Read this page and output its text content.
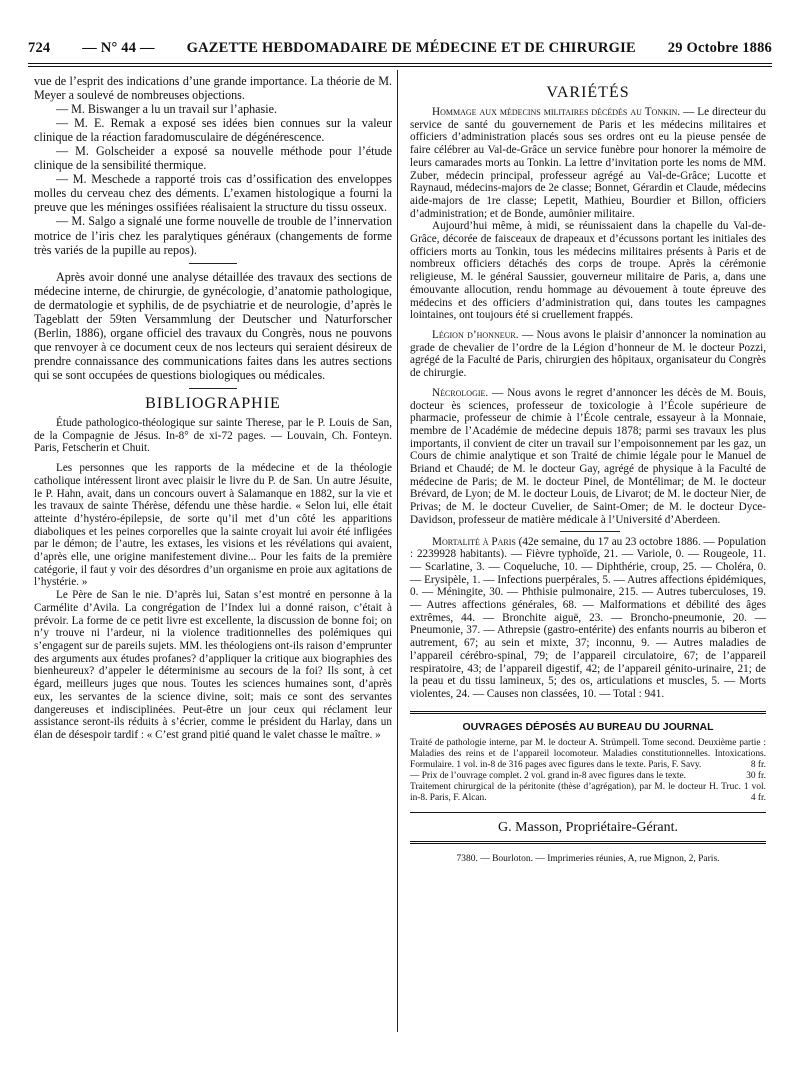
724 — N° 44 — GAZETTE HEBDOMADAIRE DE MÉDECINE ET DE CHIRURGIE 29 Octobre 1886

vue de l’esprit des indications d’une grande importance. La théorie de M. Meyer a soulevé de nombreuses objections.

— M. Biswanger a lu un travail sur l’aphasie.

— M. E. Remak a exposé ses idées bien connues sur la valeur clinique de la réaction faradomusculaire de dégénérescence.

— M. Golscheider a exposé sa nouvelle méthode pour l’étude clinique de la sensibilité thermique.

— M. Meschede a rapporté trois cas d’ossification des enveloppes molles du cerveau chez des déments. L’examen histologique a fourni la preuve que les méninges ossifiées réalisaient la structure du tissu osseux.

— M. Salgo a signalé une forme nouvelle de trouble de l’innervation motrice de l’iris chez les paralytiques généraux (changements de forme très variés de la pupille au repos).

Après avoir donné une analyse détaillée des travaux des sections de médecine interne, de chirurgie, de gynécologie, d’anatomie pathologique, de dermatologie et syphilis, de de psychiatrie et de neurologie, d’après le Tageblatt der 59ten Versammlung der Deutscher und Naturforscher (Berlin, 1886), organe officiel des travaux du Congrès, nous ne pouvons que renvoyer à ce document ceux de nos lecteurs qui seraient désireux de prendre connaissance des communications faites dans les autres sections qui se sont occupées de questions biologiques ou médicales.

BIBLIOGRAPHIE

Étude pathologico-théologique sur sainte Therese, par le P. Louis de San, de la Compagnie de Jésus. In-8° de xi-72 pages. — Louvain, Ch. Fonteyn. Paris, Fetscherin et Chuit.

Les personnes que les rapports de la médecine et de la théologie catholique intéressent liront avec plaisir le livre du P. de San. Un autre Jésuite, le P. Hahn, avait, dans un concours ouvert à Salamanque en 1882, sur la vie et les travaux de sainte Thérèse, défendu une thèse hardie. « Selon lui, elle était atteinte d’hystéro-épilepsie, de sorte qu’il met d’un côté les apparitions diaboliques et les peines corporelles que la sainte croyait lui avoir été infligées par le démon; de l’autre, les extases, les visions et les révélations qui avaient, d’après elle, une origine manifestement divine... Pour les faits de la première catégorie, il faut y voir des désordres d’un organisme en proie aux agitations de l’hystérie. »

Le Père de San le nie. D’après lui, Satan s’est montré en personne à la Carmélite d’Avila. La congrégation de l’Index lui a donné raison, c’était à prévoir. La forme de ce petit livre est excellente, la discussion de bonne foi; on n’y trouve ni l’ardeur, ni la violence traditionnelles des polémiques qui s’engagent sur de pareils sujets. MM. les théologiens ont-ils raison d’emprunter des arguments aux études profanes? d’appliquer la critique aux biographies des bienheureux? d’appeler le déterminisme au secours de la foi? Ils sont, à cet égard, meilleurs juges que nous. Toutes les sciences humaines sont, d’après eux, les servantes de la science divine, soit; mais ce sont des servantes dangereuses et indisciplinées. Peut-être un jour ceux qui réclament leur assistance seront-ils réduits à s’écrier, comme le président du Harlay, dans un élan de désespoir tardif : « C’est grand pitié quand le valet chasse le maître. »

VARIÉTÉS

Hommage aux médecins militaires décédés au Tonkin. — Le directeur du service de santé du gouvernement de Paris et les médecins militaires et officiers d’administration placés sous ses ordres ont eu la pieuse pensée de faire célébrer au Val-de-Grâce un service funèbre pour honorer la mémoire de leurs camarades morts au Tonkin. La lettre d’invitation porte les noms de MM. Zuber, médecin principal, professeur agrégé au Val-de-Grâce; Lucotte et Raynaud, médecins-majors de 2e classe; Bonnet, Gérardin et Claude, médecins aide-majors de 1re classe; Lepetit, Mathieu, Bourdier et Billon, officiers d’administration; et de Bonde, aumônier militaire.

Aujourd’hui même, à midi, se réunissaient dans la chapelle du Val-de-Grâce, décorée de faisceaux de drapeaux et d’écussons portant les initiales des officiers morts au Tonkin, tous les médecins militaires présents à Paris et de nombreux officiers détachés des corps de troupe. Après la cérémonie religieuse, M. le général Saussier, gouverneur militaire de Paris, a, dans une émouvante allocution, rendu hommage au dévouement à toute épreuve des médecins et des officiers d’administration qui, dans toutes les campagnes lointaines, ont toujours été si cruellement frappés.

Légion d’honneur. — Nous avons le plaisir d’annoncer la nomination au grade de chevalier de l’ordre de la Légion d’honneur de M. le docteur Pozzi, agrégé de la Faculté de Paris, chirurgien des hôpitaux, organisateur du Congrès de chirurgie.

Nécrologie. — Nous avons le regret d’annoncer les décès de M. Bouis, docteur ès sciences, professeur de toxicologie à l’École supérieure de pharmacie, professeur de chimie à l’École centrale, essayeur à la Monnaie, membre de l’Académie de médecine depuis 1878; parmi ses travaux les plus importants, il convient de citer un travail sur l’empoisonnement par les gaz, un Cours de chimie analytique et son Traité de chimie légale pour le Manuel de Briand et Chaudé; de M. le docteur Gay, agrégé de physique à la Faculté de médecine de Paris; de M. le docteur Pinel, de Montélimar; de M. le docteur Brévard, de Lyon; de M. le docteur Louis, de Livarot; de M. le docteur Nier, de Privas; de M. le docteur Cuvelier, de Saint-Omer; de M. le docteur Dyce-Davidson, professeur de matière médicale à l’Université d’Aberdeen.

Mortalité à Paris (42e semaine, du 17 au 23 octobre 1886. — Population : 2239928 habitants). — Fièvre typhoïde, 21. — Variole, 0. — Rougeole, 11. — Scarlatine, 3. — Coqueluche, 10. — Diphthérie, croup, 25. — Choléra, 0. — Erysipèle, 1. — Infections puerpérales, 5. — Autres affections épidémiques, 0. — Méningite, 30. — Phthisie pulmonaire, 215. — Autres tuberculoses, 19. — Autres affections générales, 68. — Malformations et débilité des âges extrêmes, 44. — Bronchite aiguë, 23. — Broncho-pneumonie, 20. — Pneumonie, 37. — Athrepsie (gastro-entérite) des enfants nourris au biberon et autrement, 67; au sein et mixte, 37; inconnu, 9. — Autres maladies de l’appareil cérébro-spinal, 79; de l’appareil circulatoire, 67; de l’appareil respiratoire, 43; de l’appareil digestif, 42; de l’appareil génito-urinaire, 21; de la peau et du tissu lamineux, 5; des os, articulations et muscles, 5. — Morts violentes, 24. — Causes non classées, 10. — Total : 941.

OUVRAGES DÉPOSÉS AU BUREAU DU JOURNAL

Traité de pathologie interne, par M. le docteur A. Strümpell. Tome second. Deuxième partie : Maladies des reins et de l’appareil locomoteur. Maladies constitutionnelles. Intoxications. Formulaire. 1 vol. in-8 de 316 pages avec figures dans le texte. Paris, F. Savy.	8 fr.

— Prix de l’ouvrage complet. 2 vol. grand in-8 avec figures dans le texte.	30 fr.

Traitement chirurgical de la péritonite (thèse d’agrégation), par M. le docteur H. Truc. 1 vol. in-8. Paris, F. Alcan.	4 fr.

G. Masson, Propriétaire-Gérant.
7380. — Bourloton. — Imprimeries réunies, A, rue Mignon, 2, Paris.
